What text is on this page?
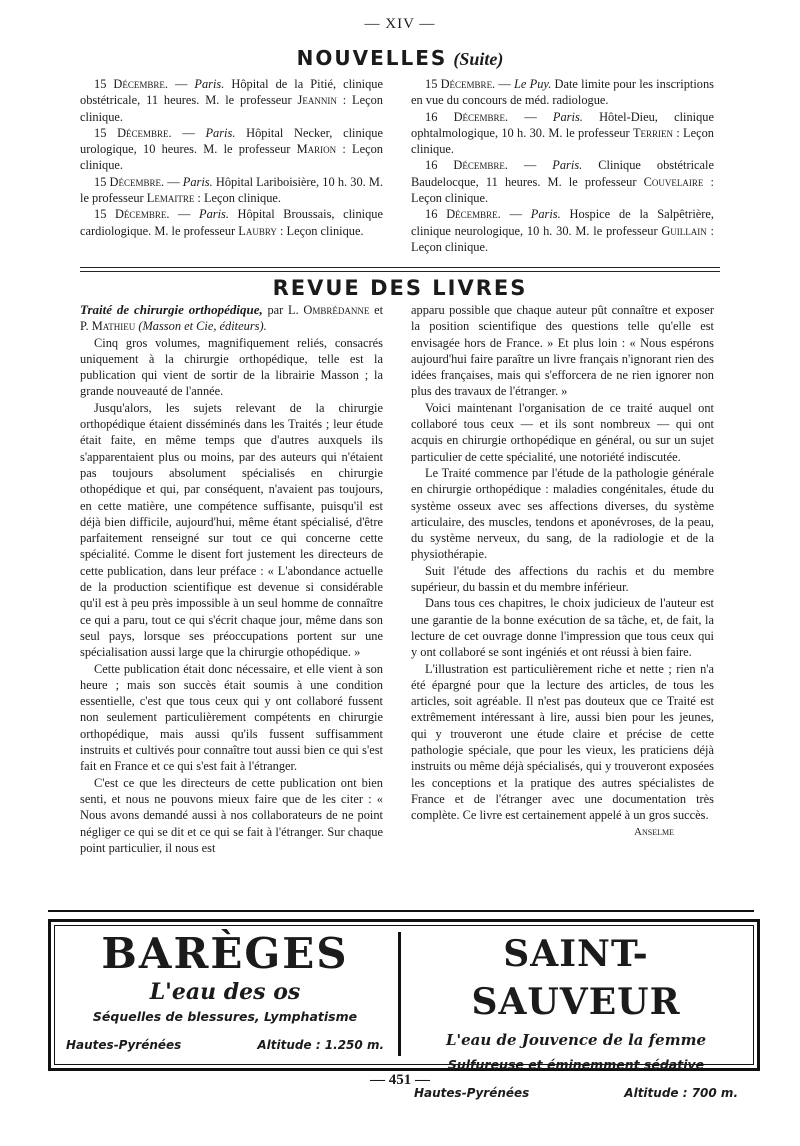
— XIV —
NOUVELLES (Suite)

15 Décembre. — Paris. Hôpital de la Pitié, clinique obstétricale, 11 heures. M. le professeur Jeannin : Leçon clinique.

15 Décembre. — Paris. Hôpital Necker, clinique urologique, 10 heures. M. le professeur Marion : Leçon clinique.

15 Décembre. — Paris. Hôpital Lariboisière, 10 h. 30. M. le professeur Lemaitre : Leçon clinique.

15 Décembre. — Paris. Hôpital Broussais, clinique cardiologique. M. le professeur Laubry : Leçon clinique.

15 Décembre. — Le Puy. Date limite pour les inscriptions en vue du concours de méd. radiologue.

16 Décembre. — Paris. Hôtel-Dieu, clinique ophtalmologique, 10 h. 30. M. le professeur Terrien : Leçon clinique.

16 Décembre. — Paris. Clinique obstétricale Baudelocque, 11 heures. M. le professeur Couvelaire : Leçon clinique.

16 Décembre. — Paris. Hospice de la Salpêtrière, clinique neurologique, 10 h. 30. M. le professeur Guillain : Leçon clinique.

REVUE DES LIVRES

Traité de chirurgie orthopédique, par L. Ombrédanne et P. Mathieu (Masson et Cie, éditeurs).

Cinq gros volumes, magnifiquement reliés, consacrés uniquement à la chirurgie orthopédique, telle est la publication qui vient de sortir de la librairie Masson ; la grande nouveauté de l'année.

Jusqu'alors, les sujets relevant de la chirurgie orthopédique étaient disséminés dans les Traités ; leur étude était faite, en même temps que d'autres auxquels ils s'apparentaient plus ou moins, par des auteurs qui n'étaient pas toujours absolument spécialisés en chirurgie othopédique et qui, par conséquent, n'avaient pas toujours, en cette matière, une compétence suffisante, puisqu'il est déjà bien difficile, aujourd'hui, même étant spécialisé, d'être parfaitement renseigné sur tout ce qui concerne cette spécialité. Comme le disent fort justement les directeurs de cette publication, dans leur préface : « L'abondance actuelle de la production scientifique est devenue si considérable qu'il est à peu près impossible à un seul homme de connaître ce qui a paru, tout ce qui s'écrit chaque jour, même dans son seul pays, lorsque ses préoccupations portent sur une spécialisation aussi large que la chirurgie othopédique. »

Cette publication était donc nécessaire, et elle vient à son heure ; mais son succès était soumis à une condition essentielle, c'est que tous ceux qui y ont collaboré fussent non seulement particulièrement compétents en chirurgie orthopédique, mais aussi qu'ils fussent suffisamment instruits et cultivés pour connaître tout aussi bien ce qui s'est fait en France et ce qui s'est fait à l'étranger.

C'est ce que les directeurs de cette publication ont bien senti, et nous ne pouvons mieux faire que de les citer : « Nous avons demandé aussi à nos collaborateurs de ne point négliger ce qui se dit et ce qui se fait à l'étranger. Sur chaque point particulier, il nous est

apparu possible que chaque auteur pût connaître et exposer la position scientifique des questions telle qu'elle est envisagée hors de France. » Et plus loin : « Nous espérons aujourd'hui faire paraître un livre français n'ignorant rien des idées françaises, mais qui s'efforcera de ne rien ignorer non plus des travaux de l'étranger. »

Voici maintenant l'organisation de ce traité auquel ont collaboré tous ceux — et ils sont nombreux — qui ont acquis en chirurgie orthopédique en général, ou sur un sujet particulier de cette spécialité, une notoriété indiscutée.

Le Traité commence par l'étude de la pathologie générale en chirurgie orthopédique : maladies congénitales, étude du système osseux avec ses affections diverses, du système articulaire, des muscles, tendons et aponévroses, de la peau, du système nerveux, du sang, de la radiologie et de la physiothérapie.

Suit l'étude des affections du rachis et du membre supérieur, du bassin et du membre inférieur.

Dans tous ces chapitres, le choix judicieux de l'auteur est une garantie de la bonne exécution de sa tâche, et, de fait, la lecture de cet ouvrage donne l'impression que tous ceux qui y ont collaboré se sont ingéniés et ont réussi à bien faire.

L'illustration est particulièrement riche et nette ; rien n'a été épargné pour que la lecture des articles, de tous les articles, soit agréable. Il n'est pas douteux que ce Traité est extrêmement intéressant à lire, aussi bien pour les jeunes, qui y trouveront une étude claire et précise de cette pathologie spéciale, que pour les vieux, les praticiens déjà instruits ou même déjà spécialisés, qui y trouveront exposées les conceptions et la pratique des autres spécialistes de France et de l'étranger avec une documentation très complète. Ce livre est certainement appelé à un gros succès.

Anselme

BARÈGES
L'eau des os
Séquelles de blessures, Lymphatisme
Hautes-Pyrénées	Altitude : 1.250 m.
SAINT-SAUVEUR
L'eau de Jouvence de la femme
Sulfureuse et éminemment sédative
Hautes-Pyrénées	Altitude : 700 m.
— 451 —
